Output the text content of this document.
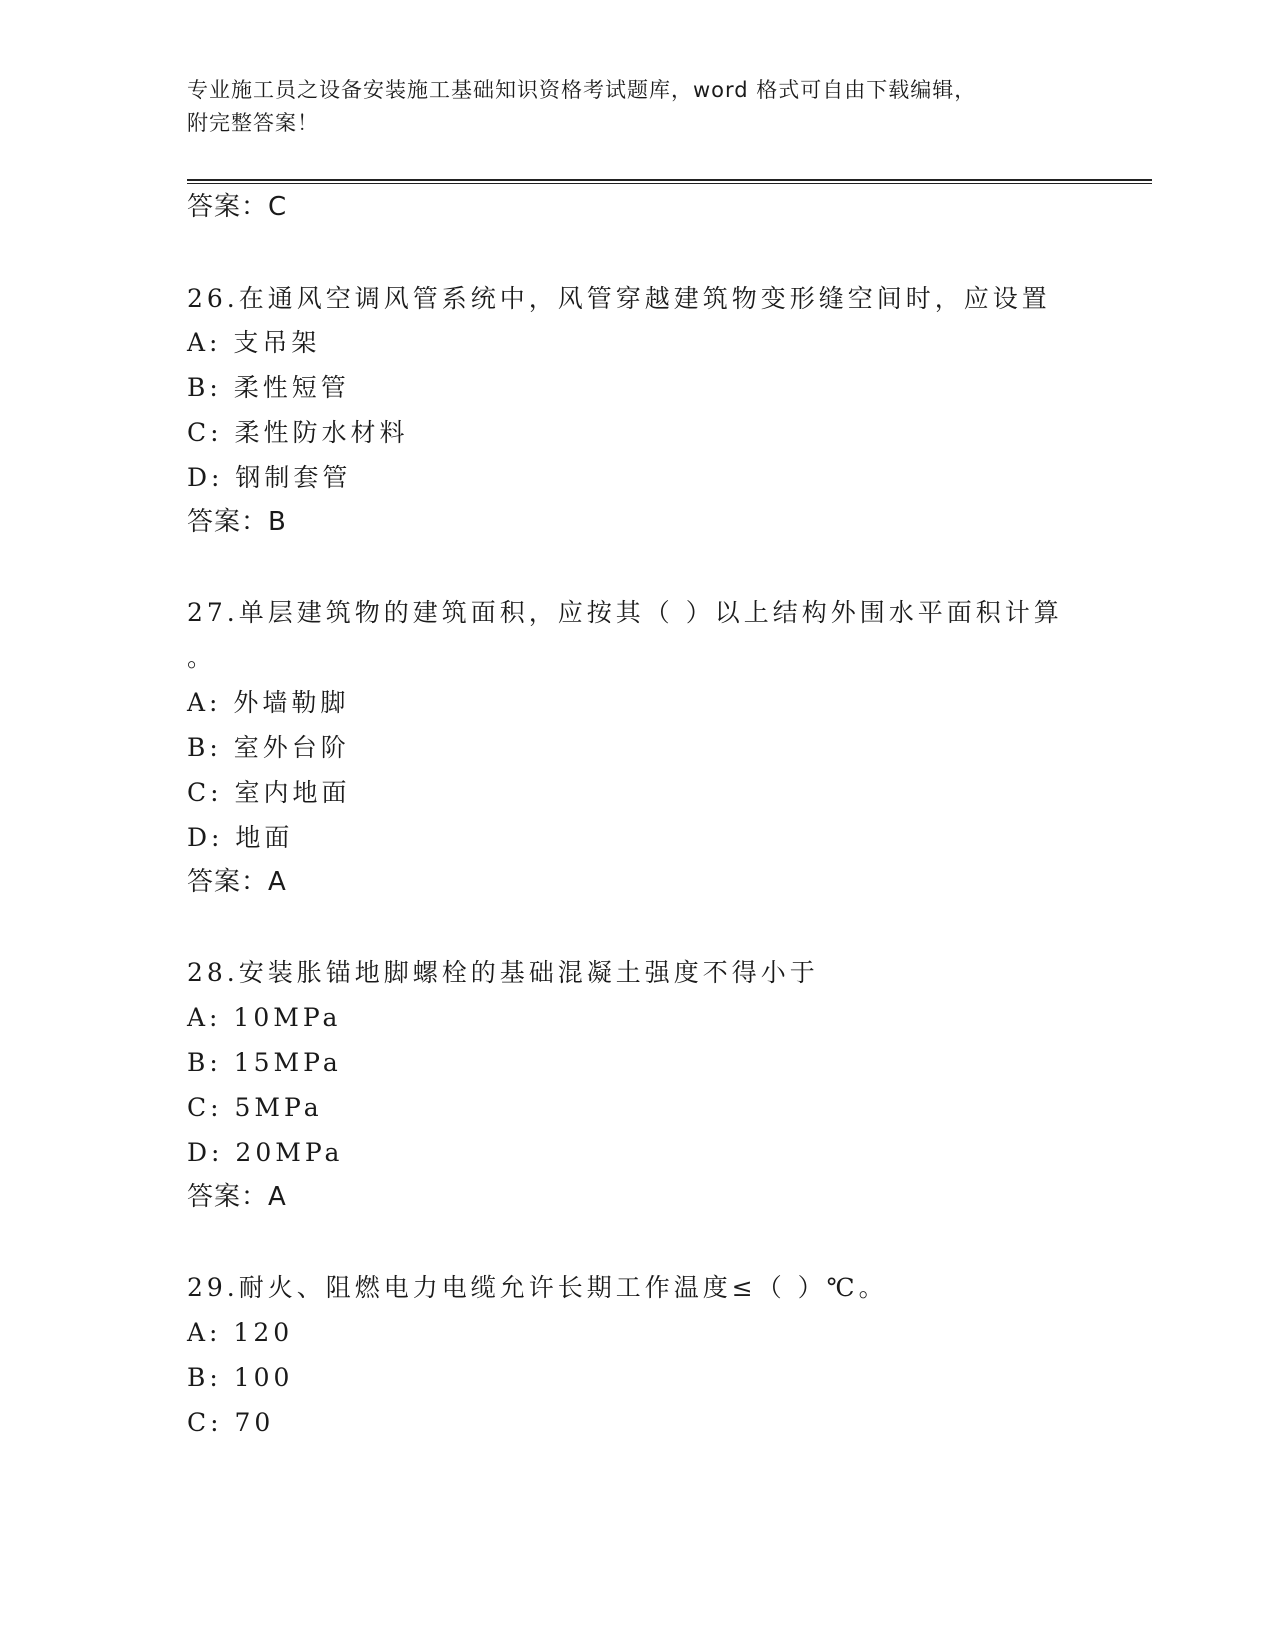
专业施工员之设备安装施工基础知识资格考试题库，word 格式可自由下载编辑，
附完整答案！
答案：C
26.在通风空调风管系统中，风管穿越建筑物变形缝空间时，应设置
A: 支吊架
B: 柔性短管
C: 柔性防水材料
D: 钢制套管
答案：B
27.单层建筑物的建筑面积，应按其（ ）以上结构外围水平面积计算
。
A: 外墙勒脚
B: 室外台阶
C: 室内地面
D: 地面
答案：A
28.安装胀锚地脚螺栓的基础混凝土强度不得小于
A: 10MPa
B: 15MPa
C: 5MPa
D: 20MPa
答案：A
29.耐火、阻燃电力电缆允许长期工作温度≤（ ）℃。
A: 120
B: 100
C: 70
